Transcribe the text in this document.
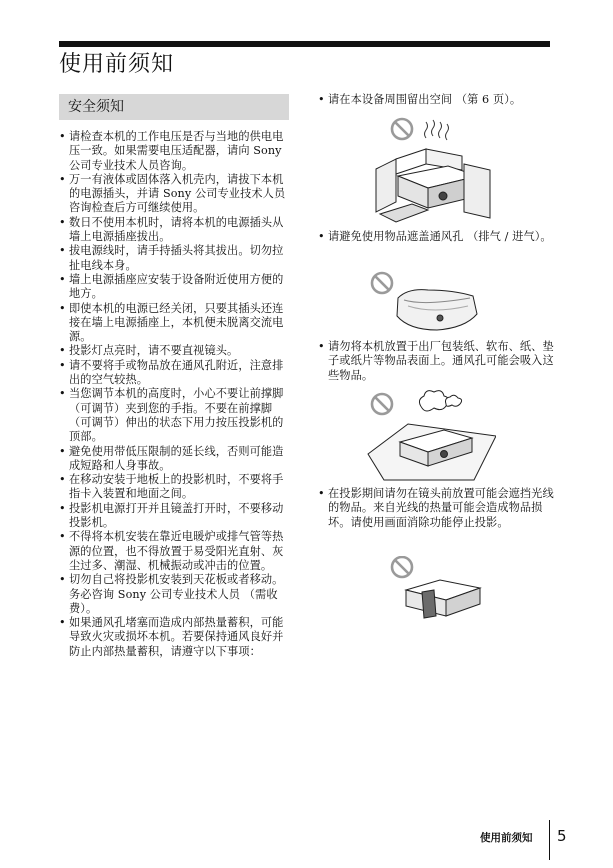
使用前须知
安全须知
• 请检查本机的工作电压是否与当地的供电电压一致。如果需要电压适配器，请向 Sony 公司专业技术人员咨询。
• 万一有液体或固体落入机壳内，请拔下本机的电源插头，并请 Sony 公司专业技术人员咨询检查后方可继续使用。
• 数日不使用本机时，请将本机的电源插头从墙上电源插座拔出。
• 拔电源线时，请手持插头将其拔出。切勿拉扯电线本身。
• 墙上电源插座应安装于设备附近使用方便的地方。
• 即使本机的电源已经关闭，只要其插头还连接在墙上电源插座上，本机便未脱离交流电源。
• 投影灯点亮时，请不要直视镜头。
• 请不要将手或物品放在通风孔附近，注意排出的空气较热。
• 当您调节本机的高度时，小心不要让前撑脚 （可调节）夹到您的手指。不要在前撑脚 （可调节）伸出的状态下用力按压投影机的顶部。
• 避免使用带低压限制的延长线，否则可能造成短路和人身事故。
• 在移动安装于地板上的投影机时，不要将手指卡入装置和地面之间。
• 投影机电源打开并且镜盖打开时，不要移动投影机。
• 不得将本机安装在靠近电暖炉或排气管等热源的位置，也不得放置于易受阳光直射、灰尘过多、潮湿、机械振动或冲击的位置。
• 切勿自己将投影机安装到天花板或者移动。务必咨询 Sony 公司专业技术人员 （需收费）。
• 如果通风孔堵塞而造成内部热量蓄积，可能导致火灾或损坏本机。若要保持通风良好并防止内部热量蓄积，请遵守以下事项：
• 请在本设备周围留出空间 （第 6 页）。
• 请避免使用物品遮盖通风孔 （排气 / 进气）。
• 请勿将本机放置于出厂包装纸、软布、纸、垫子或纸片等物品表面上。通风孔可能会吸入这些物品。
• 在投影期间请勿在镜头前放置可能会遮挡光线的物品。来自光线的热量可能会造成物品损坏。请使用画面消除功能停止投影。
使用前须知 5
